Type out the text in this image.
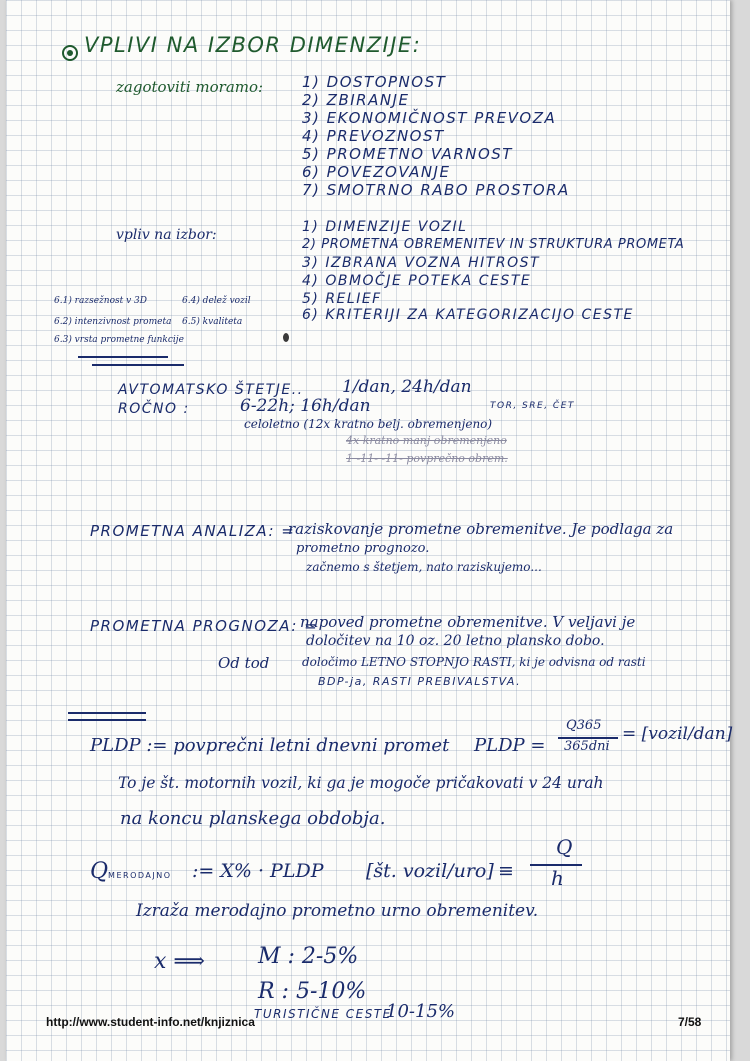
VPLIVI NA IZBOR DIMENZIJE:
zagotoviti moramo:	1) DOSTOPNOST
2) ZBIRANJE
3) EKONOMIČNOST PREVOZA
4) PREVOZNOST
5) PROMETNO VARNOST
6) POVEZOVANJE
7) SMOTRNO RABO PROSTORA
vpliv na izbor:	1) DIMENZIJE VOZIL
2) PROMETNA OBREMENITEV IN STRUKTURA PROMETA
3) IZBRANA VOZNA HITROST
4) OBMOČJE POTEKA CESTE
5) RELIEF
6) KRITERIJI ZA KATEGORIZACIJO CESTE
6.1) razsežnost v 3D	6.4) delež vozil
6.2) intenzivnost prometa 6.5) kvaliteta
6.3) vrsta prometne funkcije
AVTOMATSKO ŠTETJE.. 1/dan, 24h/dan
ROČNO :	6-22h; 16h/dan	TOR, SRE, ČET
celoletno (12x kratno belj. obremenjeno)
4x kratno manj obremenjeno
1 -11- -11- povprečno obrem.
PROMETNA ANALIZA: =
raziskovanje prometne obremenitve. Je podlaga za
prometno prognozo.
začnemo s štetjem, nato raziskujemo...
PROMETNA PROGNOZA: =
napoved prometne obremenitve. V veljavi je
določitev na 10 oz. 20 letno plansko dobo.
Od tod	določimo LETNO STOPNJO RASTI, ki je odvisna od rasti
BDP-ja, RASTI PREBIVALSTVA.
PLDP := povprečni letni dnevni promet PLDP =
Q365
365dni
= [vozil/dan]
To je št. motornih vozil, ki ga je mogoče pričakovati v 24 urah
na koncu planskega obdobja.
QMERODAJNO := X% · PLDP [št. vozil/uro] ≡
Q
h
Izraža merodajno prometno urno obremenitev.
x ⟹ M : 2-5%
R : 5-10%
TURISTIČNE CESTE
10-15%
http://www.student-info.net/knjiznica	7/58
